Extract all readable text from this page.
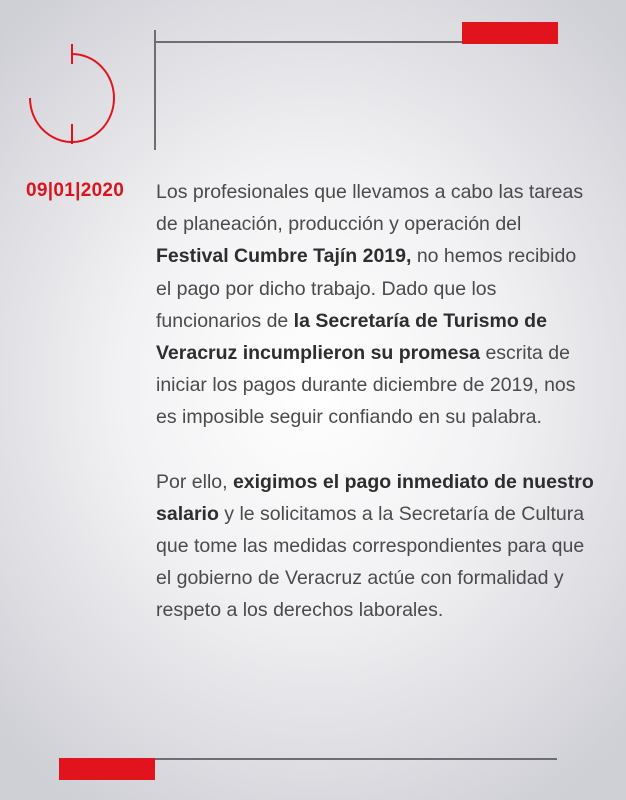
09|01|2020 Los profesionales que llevamos a cabo las tareas de planeación, producción y operación del Festival Cumbre Tajín 2019, no hemos recibido el pago por dicho trabajo. Dado que los funcionarios de la Secretaría de Turismo de Veracruz incumplieron su promesa escrita de iniciar los pagos durante diciembre de 2019, nos es imposible seguir confiando en su palabra.

Por ello, exigimos el pago inmediato de nuestro salario y le solicitamos a la Secretaría de Cultura que tome las medidas correspondientes para que el gobierno de Veracruz actúe con formalidad y respeto a los derechos laborales.
